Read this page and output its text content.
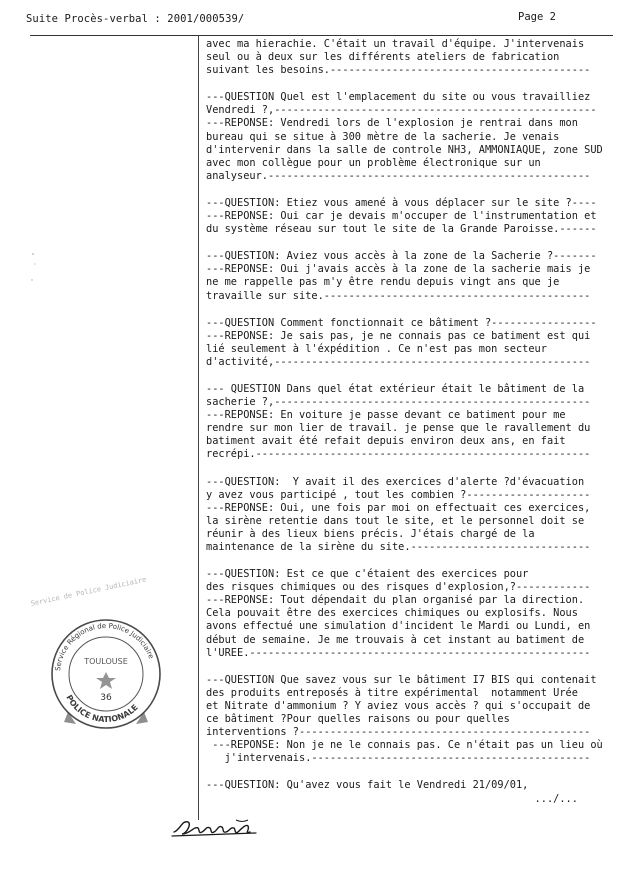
Suite Procès-verbal : 2001/000539/	Page 2
avec ma hierachie. C'était un travail d'équipe. J'intervenais
seul ou à deux sur les différents ateliers de fabrication
suivant les besoins.------------------------------------------
---QUESTION Quel est l'emplacement du site ou vous travailliez
Vendredi ?,----------------------------------------------------
---REPONSE: Vendredi lors de l'explosion je rentrai dans mon
bureau qui se situe à 300 mètre de la sacherie. Je venais
d'intervenir dans la salle de controle NH3, AMMONIAQUE, zone SUD
avec mon collègue pour un problème électronique sur un
analyseur.----------------------------------------------------
---QUESTION: Etiez vous amené à vous déplacer sur le site ?----
---REPONSE: Oui car je devais m'occuper de l'instrumentation et
du système réseau sur tout le site de la Grande Paroisse.------
---QUESTION: Aviez vous accès à la zone de la Sacherie ?-------
---REPONSE: Oui j'avais accès à la zone de la sacherie mais je
ne me rappelle pas m'y être rendu depuis vingt ans que je
travaille sur site.-------------------------------------------
---QUESTION Comment fonctionnait ce bâtiment ?-----------------
---REPONSE: Je sais pas, je ne connais pas ce batiment est qui
lié seulement à l'éxpédition . Ce n'est pas mon secteur
d'activité,---------------------------------------------------
--- QUESTION Dans quel état extérieur était le bâtiment de la
sacherie ?,---------------------------------------------------
---REPONSE: En voiture je passe devant ce batiment pour me
rendre sur mon lier de travail. je pense que le ravallement du
batiment avait été refait depuis environ deux ans, en fait
recrépi.------------------------------------------------------
---QUESTION:  Y avait il des exercices d'alerte ?d'évacuation
y avez vous participé , tout les combien ?--------------------
---REPONSE: Oui, une fois par moi on effectuait ces exercices,
la sirène retentie dans tout le site, et le personnel doit se
réunir à des lieux biens précis. J'étais chargé de la
maintenance de la sirène du site.-----------------------------
---QUESTION: Est ce que c'étaient des exercices pour
des risques chimiques ou des risques d'explosion,?------------
---REPONSE: Tout dépendait du plan organisé par la direction.
Cela pouvait être des exercices chimiques ou explosifs. Nous
avons effectué une simulation d'incident le Mardi ou Lundi, en
début de semaine. Je me trouvais à cet instant au batiment de
l'UREE.-------------------------------------------------------
---QUESTION Que savez vous sur le bâtiment I7 BIS qui contenait
des produits entreposés à titre expérimental  notamment Urée
et Nitrate d'ammonium ? Y aviez vous accès ? qui s'occupait de
ce bâtiment ?Pour quelles raisons ou pour quelles
interventions ?-----------------------------------------------
---REPONSE: Non je ne le connais pas. Ce n'était pas un lieu où
j'intervenais.---------------------------------------------
---QUESTION: Qu'avez vous fait le Vendredi 21/09/01,
.../...
Service de Police Judiciaire
Service Régional de Police Judiciaire
POLICE NATIONALE
TOULOUSE
36
